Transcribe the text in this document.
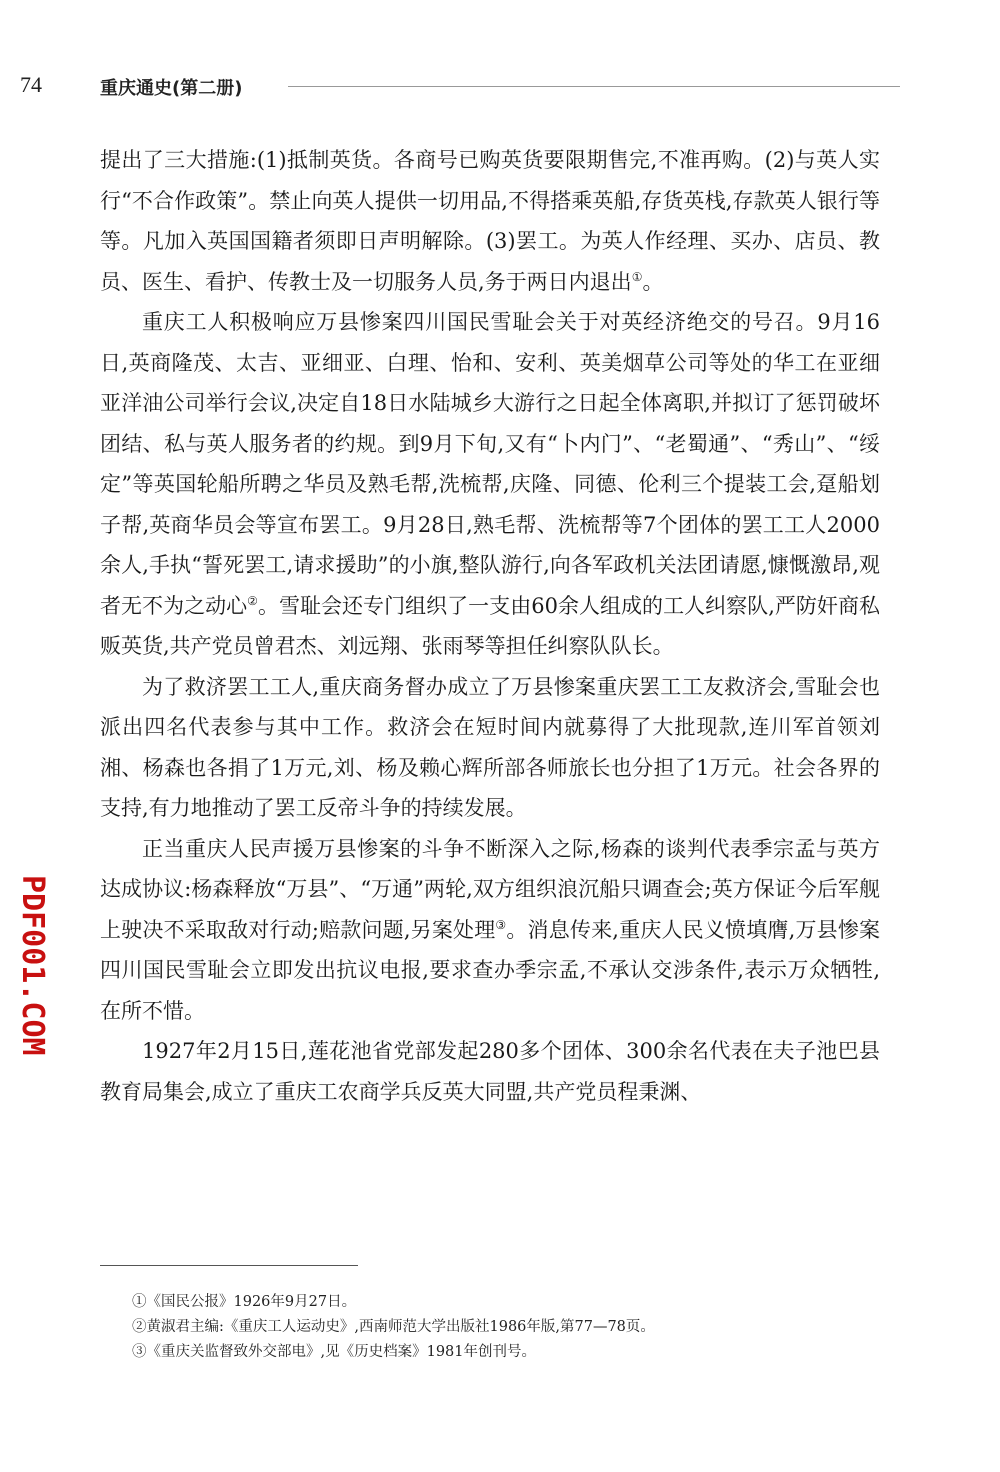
74	重庆通史(第二册)

提出了三大措施:(1)抵制英货。各商号已购英货要限期售完,不准再购。(2)与英人实行“不合作政策”。禁止向英人提供一切用品,不得搭乘英船,存货英栈,存款英人银行等等。凡加入英国国籍者须即日声明解除。(3)罢工。为英人作经理、买办、店员、教员、医生、看护、传教士及一切服务人员,务于两日内退出①。

重庆工人积极响应万县惨案四川国民雪耻会关于对英经济绝交的号召。9月16日,英商隆茂、太吉、亚细亚、白理、怡和、安利、英美烟草公司等处的华工在亚细亚洋油公司举行会议,决定自18日水陆城乡大游行之日起全体离职,并拟订了惩罚破坏团结、私与英人服务者的约规。到9月下旬,又有“卜内门”、“老蜀通”、“秀山”、“绥定”等英国轮船所聘之华员及熟毛帮,洗梳帮,庆隆、同德、伦利三个提装工会,趸船划子帮,英商华员会等宣布罢工。9月28日,熟毛帮、洗梳帮等7个团体的罢工工人2000余人,手执“誓死罢工,请求援助”的小旗,整队游行,向各军政机关法团请愿,慷慨激昂,观者无不为之动心②。雪耻会还专门组织了一支由60余人组成的工人纠察队,严防奸商私贩英货,共产党员曾君杰、刘远翔、张雨琴等担任纠察队队长。

为了救济罢工工人,重庆商务督办成立了万县惨案重庆罢工工友救济会,雪耻会也派出四名代表参与其中工作。救济会在短时间内就募得了大批现款,连川军首领刘湘、杨森也各捐了1万元,刘、杨及赖心辉所部各师旅长也分担了1万元。社会各界的支持,有力地推动了罢工反帝斗争的持续发展。

正当重庆人民声援万县惨案的斗争不断深入之际,杨森的谈判代表季宗孟与英方达成协议:杨森释放“万县”、“万通”两轮,双方组织浪沉船只调查会;英方保证今后军舰上驶决不采取敌对行动;赔款问题,另案处理③。消息传来,重庆人民义愤填膺,万县惨案四川国民雪耻会立即发出抗议电报,要求查办季宗孟,不承认交涉条件,表示万众牺牲,在所不惜。

1927年2月15日,莲花池省党部发起280多个团体、300余名代表在夫子池巴县教育局集会,成立了重庆工农商学兵反英大同盟,共产党员程秉渊、

①《国民公报》1926年9月27日。

②黄淑君主编:《重庆工人运动史》,西南师范大学出版社1986年版,第77—78页。

③《重庆关监督致外交部电》,见《历史档案》1981年创刊号。

PDF001.COM
